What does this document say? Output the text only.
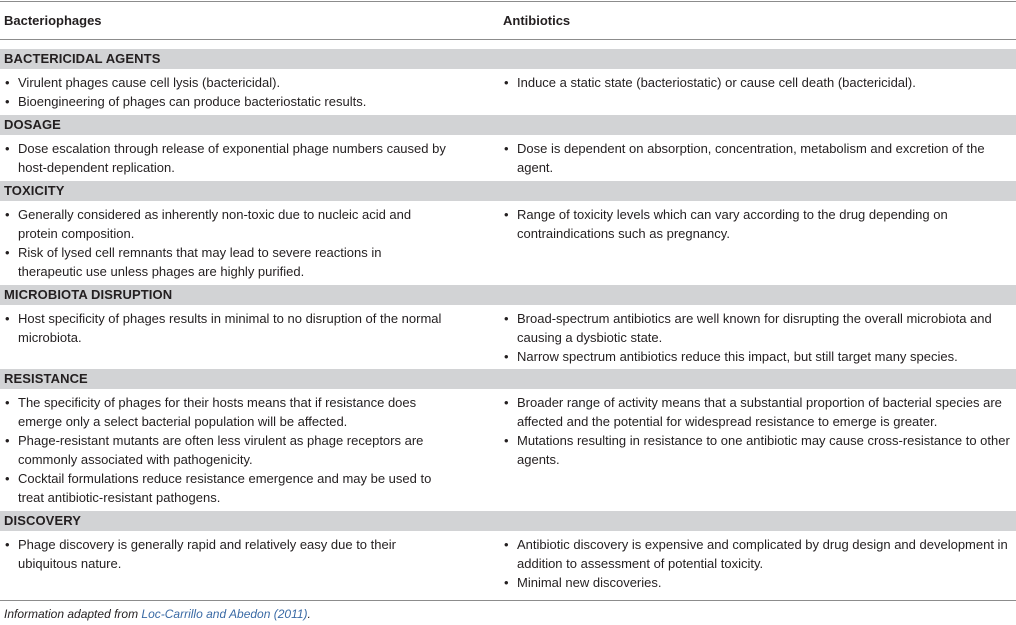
Bacteriophages	Antibiotics
BACTERICIDAL AGENTS
• Virulent phages cause cell lysis (bactericidal).
• Bioengineering of phages can produce bacteriostatic results.
• Induce a static state (bacteriostatic) or cause cell death (bactericidal).
DOSAGE
• Dose escalation through release of exponential phage numbers caused by host-dependent replication.
• Dose is dependent on absorption, concentration, metabolism and excretion of the agent.
TOXICITY
• Generally considered as inherently non-toxic due to nucleic acid and protein composition.
• Risk of lysed cell remnants that may lead to severe reactions in therapeutic use unless phages are highly purified.
• Range of toxicity levels which can vary according to the drug depending on contraindications such as pregnancy.
MICROBIOTA DISRUPTION
• Host specificity of phages results in minimal to no disruption of the normal microbiota.
• Broad-spectrum antibiotics are well known for disrupting the overall microbiota and causing a dysbiotic state.
• Narrow spectrum antibiotics reduce this impact, but still target many species.
RESISTANCE
• The specificity of phages for their hosts means that if resistance does emerge only a select bacterial population will be affected.
• Phage-resistant mutants are often less virulent as phage receptors are commonly associated with pathogenicity.
• Cocktail formulations reduce resistance emergence and may be used to treat antibiotic-resistant pathogens.
• Broader range of activity means that a substantial proportion of bacterial species are affected and the potential for widespread resistance to emerge is greater.
• Mutations resulting in resistance to one antibiotic may cause cross-resistance to other agents.
DISCOVERY
• Phage discovery is generally rapid and relatively easy due to their ubiquitous nature.
• Antibiotic discovery is expensive and complicated by drug design and development in addition to assessment of potential toxicity.
• Minimal new discoveries.
Information adapted from Loc-Carrillo and Abedon (2011).
